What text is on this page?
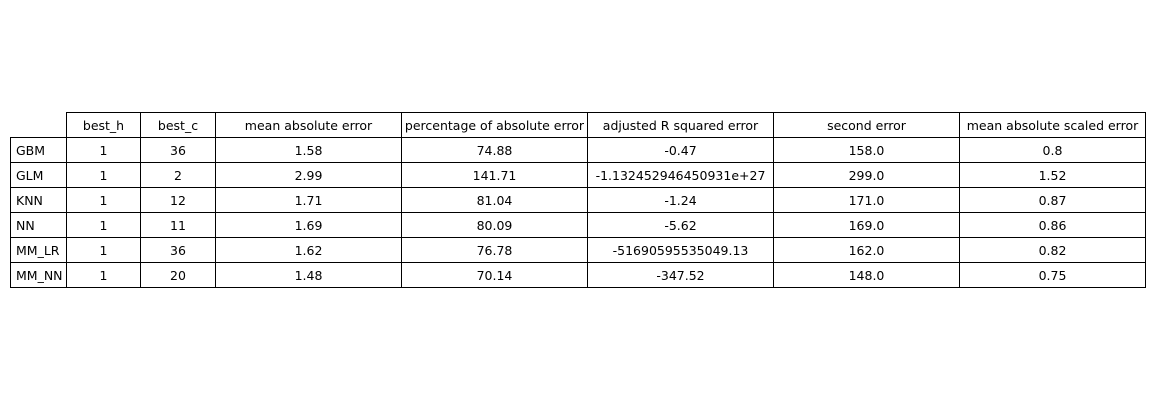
	best_h	best_c	mean absolute error	percentage of absolute error	adjusted R squared error	second error	mean absolute scaled error
GBM	1	36	1.58	74.88	-0.47	158.0	0.8
GLM	1	2	2.99	141.71	-1.132452946450931e+27	299.0	1.52
KNN	1	12	1.71	81.04	-1.24	171.0	0.87
NN	1	11	1.69	80.09	-5.62	169.0	0.86
MM_LR	1	36	1.62	76.78	-51690595535049.13	162.0	0.82
MM_NN	1	20	1.48	70.14	-347.52	148.0	0.75
